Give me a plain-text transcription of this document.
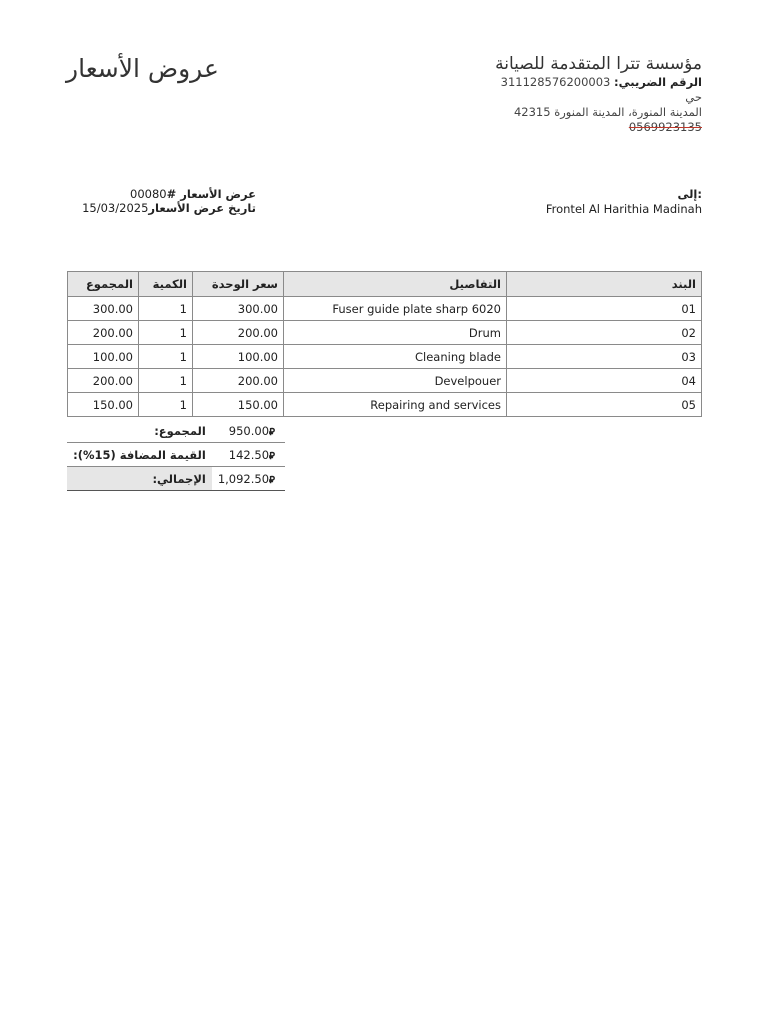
عروض الأسعار	مؤسسة تترا المتقدمة للصيانة
الرقم الضريبي: 311128576200003
حي
المدينة المنورة، المدينة المنورة 42315
0569923135
إلى:
Frontel Al Harithia Madinah
عرض الأسعار #00080
تاريخ عرض الأسعار15/03/2025
المجموع	الكمية	سعر الوحدة	التفاصيل	البند
300.00	1	300.00	Fuser guide plate sharp 6020	01
200.00	1	200.00	Drum	02
100.00	1	100.00	Cleaning blade	03
200.00	1	200.00	Develpouer	04
150.00	1	150.00	Repairing and services	05
المجموع:	950.00⃁
القيمة المضافة (15%):	142.50⃁
الإجمالي:	1,092.50⃁
